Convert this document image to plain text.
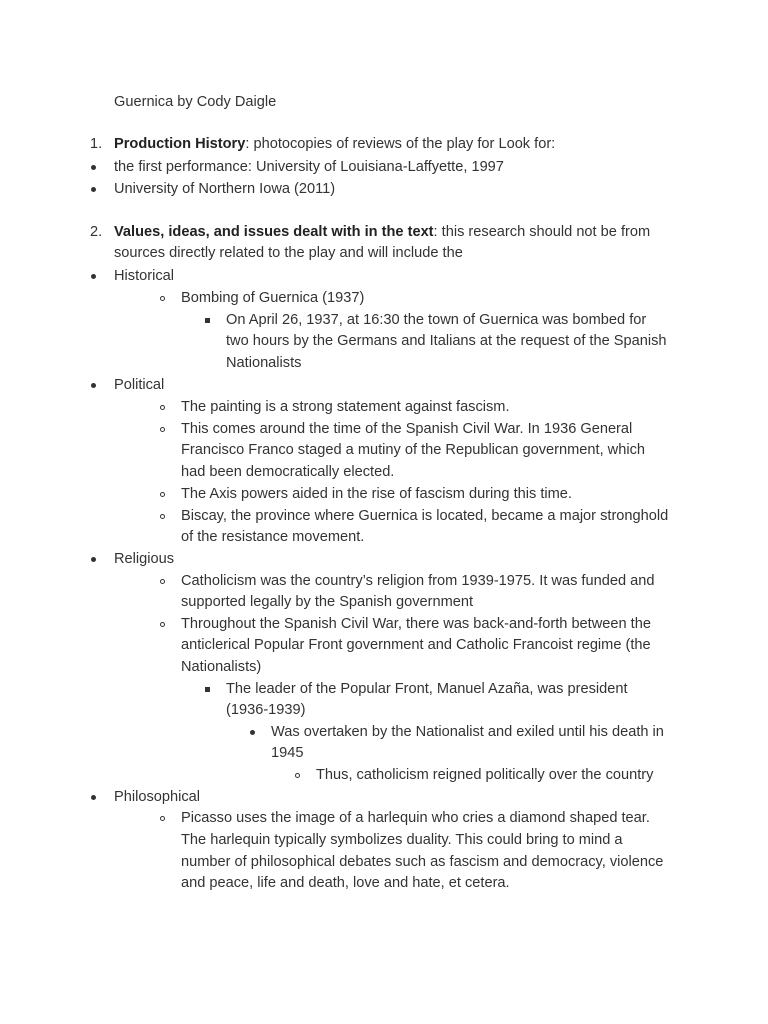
Guernica by Cody Daigle
1. Production History: photocopies of reviews of the play for Look for:
the first performance: University of Louisiana-Laffyette, 1997
University of Northern Iowa (2011)
2. Values, ideas, and issues dealt with in the text: this research should not be from
sources directly related to the play and will include the
Historical
Bombing of Guernica (1937)
On April 26, 1937, at 16:30 the town of Guernica was bombed for
two hours by the Germans and Italians at the request of the Spanish
Nationalists
Political
The painting is a strong statement against fascism.
This comes around the time of the Spanish Civil War. In 1936 General
Francisco Franco staged a mutiny of the Republican government, which
had been democratically elected.
The Axis powers aided in the rise of fascism during this time.
Biscay, the province where Guernica is located, became a major stronghold
of the resistance movement.
Religious
Catholicism was the country’s religion from 1939-1975. It was funded and
supported legally by the Spanish government
Throughout the Spanish Civil War, there was back-and-forth between the
anticlerical Popular Front government and Catholic Francoist regime (the
Nationalists)
The leader of the Popular Front, Manuel Azaña, was president
(1936-1939)
Was overtaken by the Nationalist and exiled until his death in
1945
Thus, catholicism reigned politically over the country
Philosophical
Picasso uses the image of a harlequin who cries a diamond shaped tear.
The harlequin typically symbolizes duality. This could bring to mind a
number of philosophical debates such as fascism and democracy, violence
and peace, life and death, love and hate, et cetera.
